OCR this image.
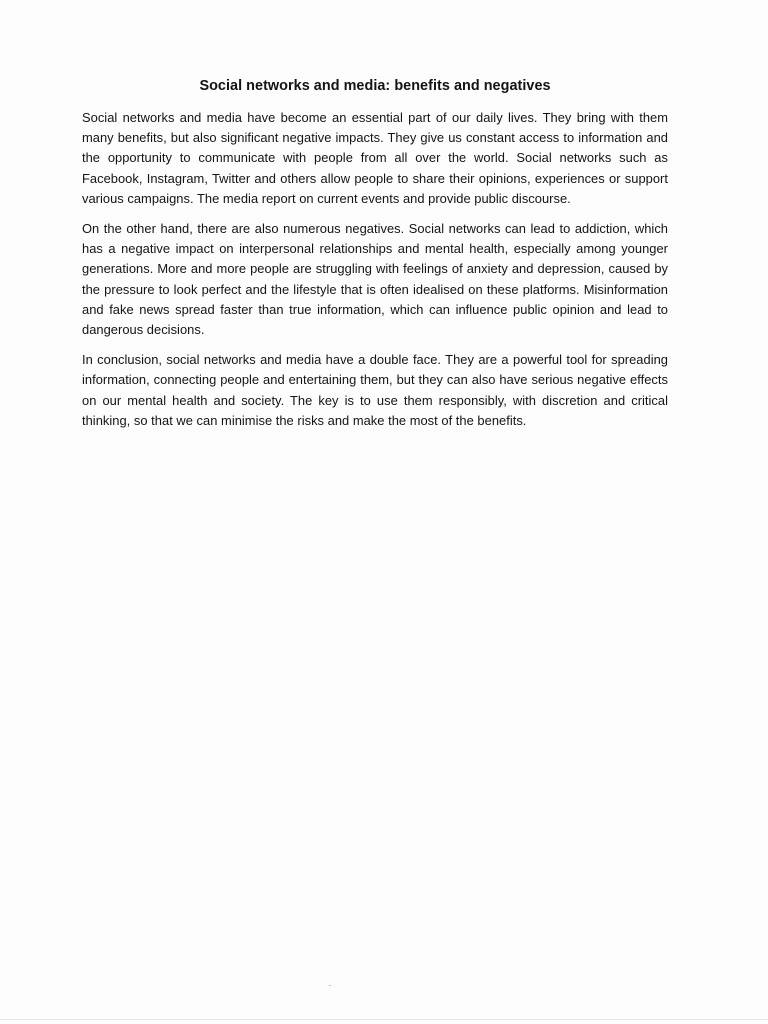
Social networks and media: benefits and negatives

Social networks and media have become an essential part of our daily lives. They bring with them many benefits, but also significant negative impacts. They give us constant access to information and the opportunity to communicate with people from all over the world. Social networks such as Facebook, Instagram, Twitter and others allow people to share their opinions, experiences or support various campaigns. The media report on current events and provide public discourse.

On the other hand, there are also numerous negatives. Social networks can lead to addiction, which has a negative impact on interpersonal relationships and mental health, especially among younger generations. More and more people are struggling with feelings of anxiety and depression, caused by the pressure to look perfect and the lifestyle that is often idealised on these platforms. Misinformation and fake news spread faster than true information, which can influence public opinion and lead to dangerous decisions.

In conclusion, social networks and media have a double face. They are a powerful tool for spreading information, connecting people and entertaining them, but they can also have serious negative effects on our mental health and society. The key is to use them responsibly, with discretion and critical thinking, so that we can minimise the risks and make the most of the benefits.
